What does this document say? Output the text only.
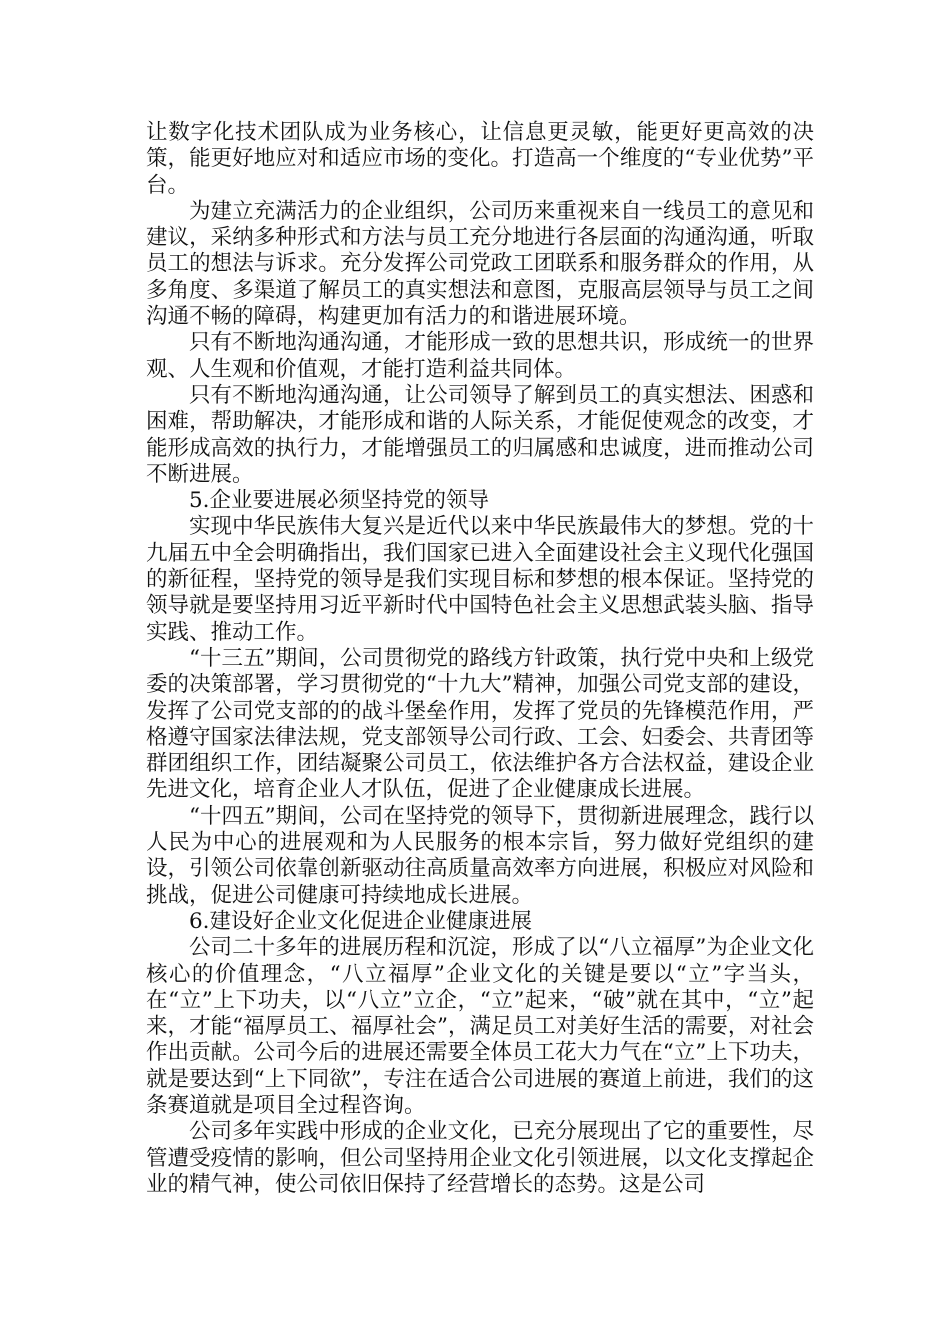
让数字化技术团队成为业务核心，让信息更灵敏，能更好更高效的决策，能更好地应对和适应市场的变化。打造高一个维度的“专业优势”平台。

为建立充满活力的企业组织，公司历来重视来自一线员工的意见和建议，采纳多种形式和方法与员工充分地进行各层面的沟通沟通，听取员工的想法与诉求。充分发挥公司党政工团联系和服务群众的作用，从多角度、多渠道了解员工的真实想法和意图，克服高层领导与员工之间沟通不畅的障碍，构建更加有活力的和谐进展环境。

只有不断地沟通沟通，才能形成一致的思想共识，形成统一的世界观、人生观和价值观，才能打造利益共同体。

只有不断地沟通沟通，让公司领导了解到员工的真实想法、困惑和困难，帮助解决，才能形成和谐的人际关系，才能促使观念的改变，才能形成高效的执行力，才能增强员工的归属感和忠诚度，进而推动公司不断进展。

5.企业要进展必须坚持党的领导

实现中华民族伟大复兴是近代以来中华民族最伟大的梦想。党的十九届五中全会明确指出，我们国家已进入全面建设社会主义现代化强国的新征程，坚持党的领导是我们实现目标和梦想的根本保证。坚持党的领导就是要坚持用习近平新时代中国特色社会主义思想武装头脑、指导实践、推动工作。

“十三五”期间，公司贯彻党的路线方针政策，执行党中央和上级党委的决策部署，学习贯彻党的“十九大”精神，加强公司党支部的建设，发挥了公司党支部的的战斗堡垒作用，发挥了党员的先锋模范作用，严格遵守国家法律法规，党支部领导公司行政、工会、妇委会、共青团等群团组织工作，团结凝聚公司员工，依法维护各方合法权益，建设企业先进文化，培育企业人才队伍，促进了企业健康成长进展。

“十四五”期间，公司在坚持党的领导下，贯彻新进展理念，践行以人民为中心的进展观和为人民服务的根本宗旨，努力做好党组织的建设，引领公司依靠创新驱动往高质量高效率方向进展，积极应对风险和挑战，促进公司健康可持续地成长进展。

6.建设好企业文化促进企业健康进展

公司二十多年的进展历程和沉淀，形成了以“八立福厚”为企业文化核心的价值理念，“八立福厚”企业文化的关键是要以“立”字当头，在“立”上下功夫，以“八立”立企，“立”起来，“破”就在其中，“立”起来，才能“福厚员工、福厚社会”，满足员工对美好生活的需要，对社会作出贡献。公司今后的进展还需要全体员工花大力气在“立”上下功夫，就是要达到“上下同欲”，专注在适合公司进展的赛道上前进，我们的这条赛道就是项目全过程咨询。

公司多年实践中形成的企业文化，已充分展现出了它的重要性，尽管遭受疫情的影响，但公司坚持用企业文化引领进展，以文化支撑起企业的精气神，使公司依旧保持了经营增长的态势。这是公司
